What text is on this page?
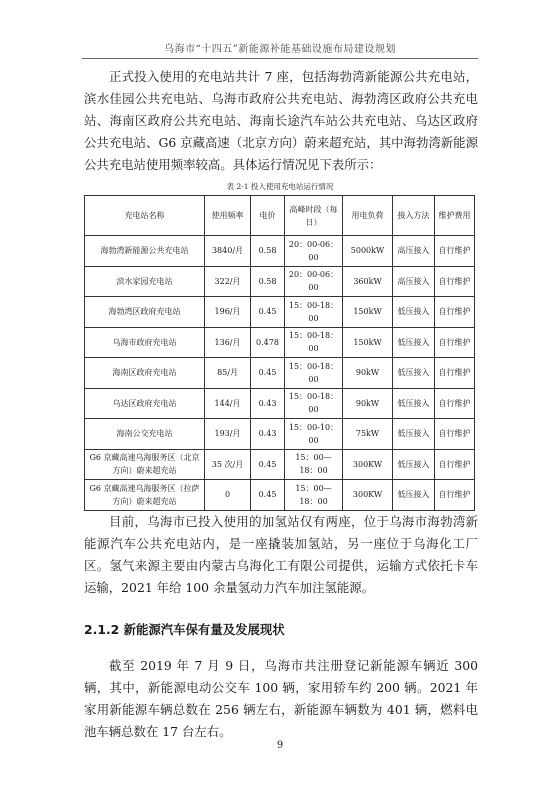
乌海市“十四五”新能源补能基础设施布局建设规划

正式投入使用的充电站共计 7 座，包括海勃湾新能源公共充电站，滨水佳园公共充电站、乌海市政府公共充电站、海勃湾区政府公共充电站、海南区政府公共充电站、海南长途汽车站公共充电站、乌达区政府公共充电站、G6 京藏高速（北京方向）蔚来超充站，其中海勃湾新能源公共充电站使用频率较高。具体运行情况见下表所示：

表 2-1 投入使用充电站运行情况
充电站名称	使用频率	电价	高峰时段（每日）	用电负荷	接入方法	维护费用
海勃湾新能源公共充电站	3840/月	0.58	20：00-06：00	5000kW	高压接入	自行维护
滨水家园充电站	322/月	0.58	20：00-06：00	360kW	高压接入	自行维护
海勃湾区政府充电站	196/月	0.45	15：00-18：00	150kW	低压接入	自行维护
乌海市政府充电站	136/月	0.478	15：00-18：00	150kW	低压接入	自行维护
海南区政府充电站	85/月	0.45	15：00-18：00	90kW	低压接入	自行维护
乌达区政府充电站	144/月	0.43	15：00-18：00	90kW	低压接入	自行维护
海南公交充电站	193/月	0.43	15：00-10：00	75kW	低压接入	自行维护
G6 京藏高速乌海服务区（北京方向）蔚来超充站	35 次/月	0.45	15：00—18：00	300KW	低压接入	自行维护
G6 京藏高速乌海服务区（拉萨方向）蔚来超充站	0	0.45	15：00—18：00	300KW	低压接入	自行维护

目前，乌海市已投入使用的加氢站仅有两座，位于乌海市海勃湾新能源汽车公共充电站内，是一座撬装加氢站，另一座位于乌海化工厂区。氢气来源主要由内蒙古乌海化工有限公司提供，运输方式依托卡车运输，2021 年给 100 余量氢动力汽车加注氢能源。

2.1.2 新能源汽车保有量及发展现状

截至 2019 年 7 月 9 日，乌海市共注册登记新能源车辆近 300 辆，其中，新能源电动公交车 100 辆，家用轿车约 200 辆。2021 年家用新能源车辆总数在 256 辆左右，新能源车辆数为 401 辆，燃料电池车辆总数在 17 台左右。

9
